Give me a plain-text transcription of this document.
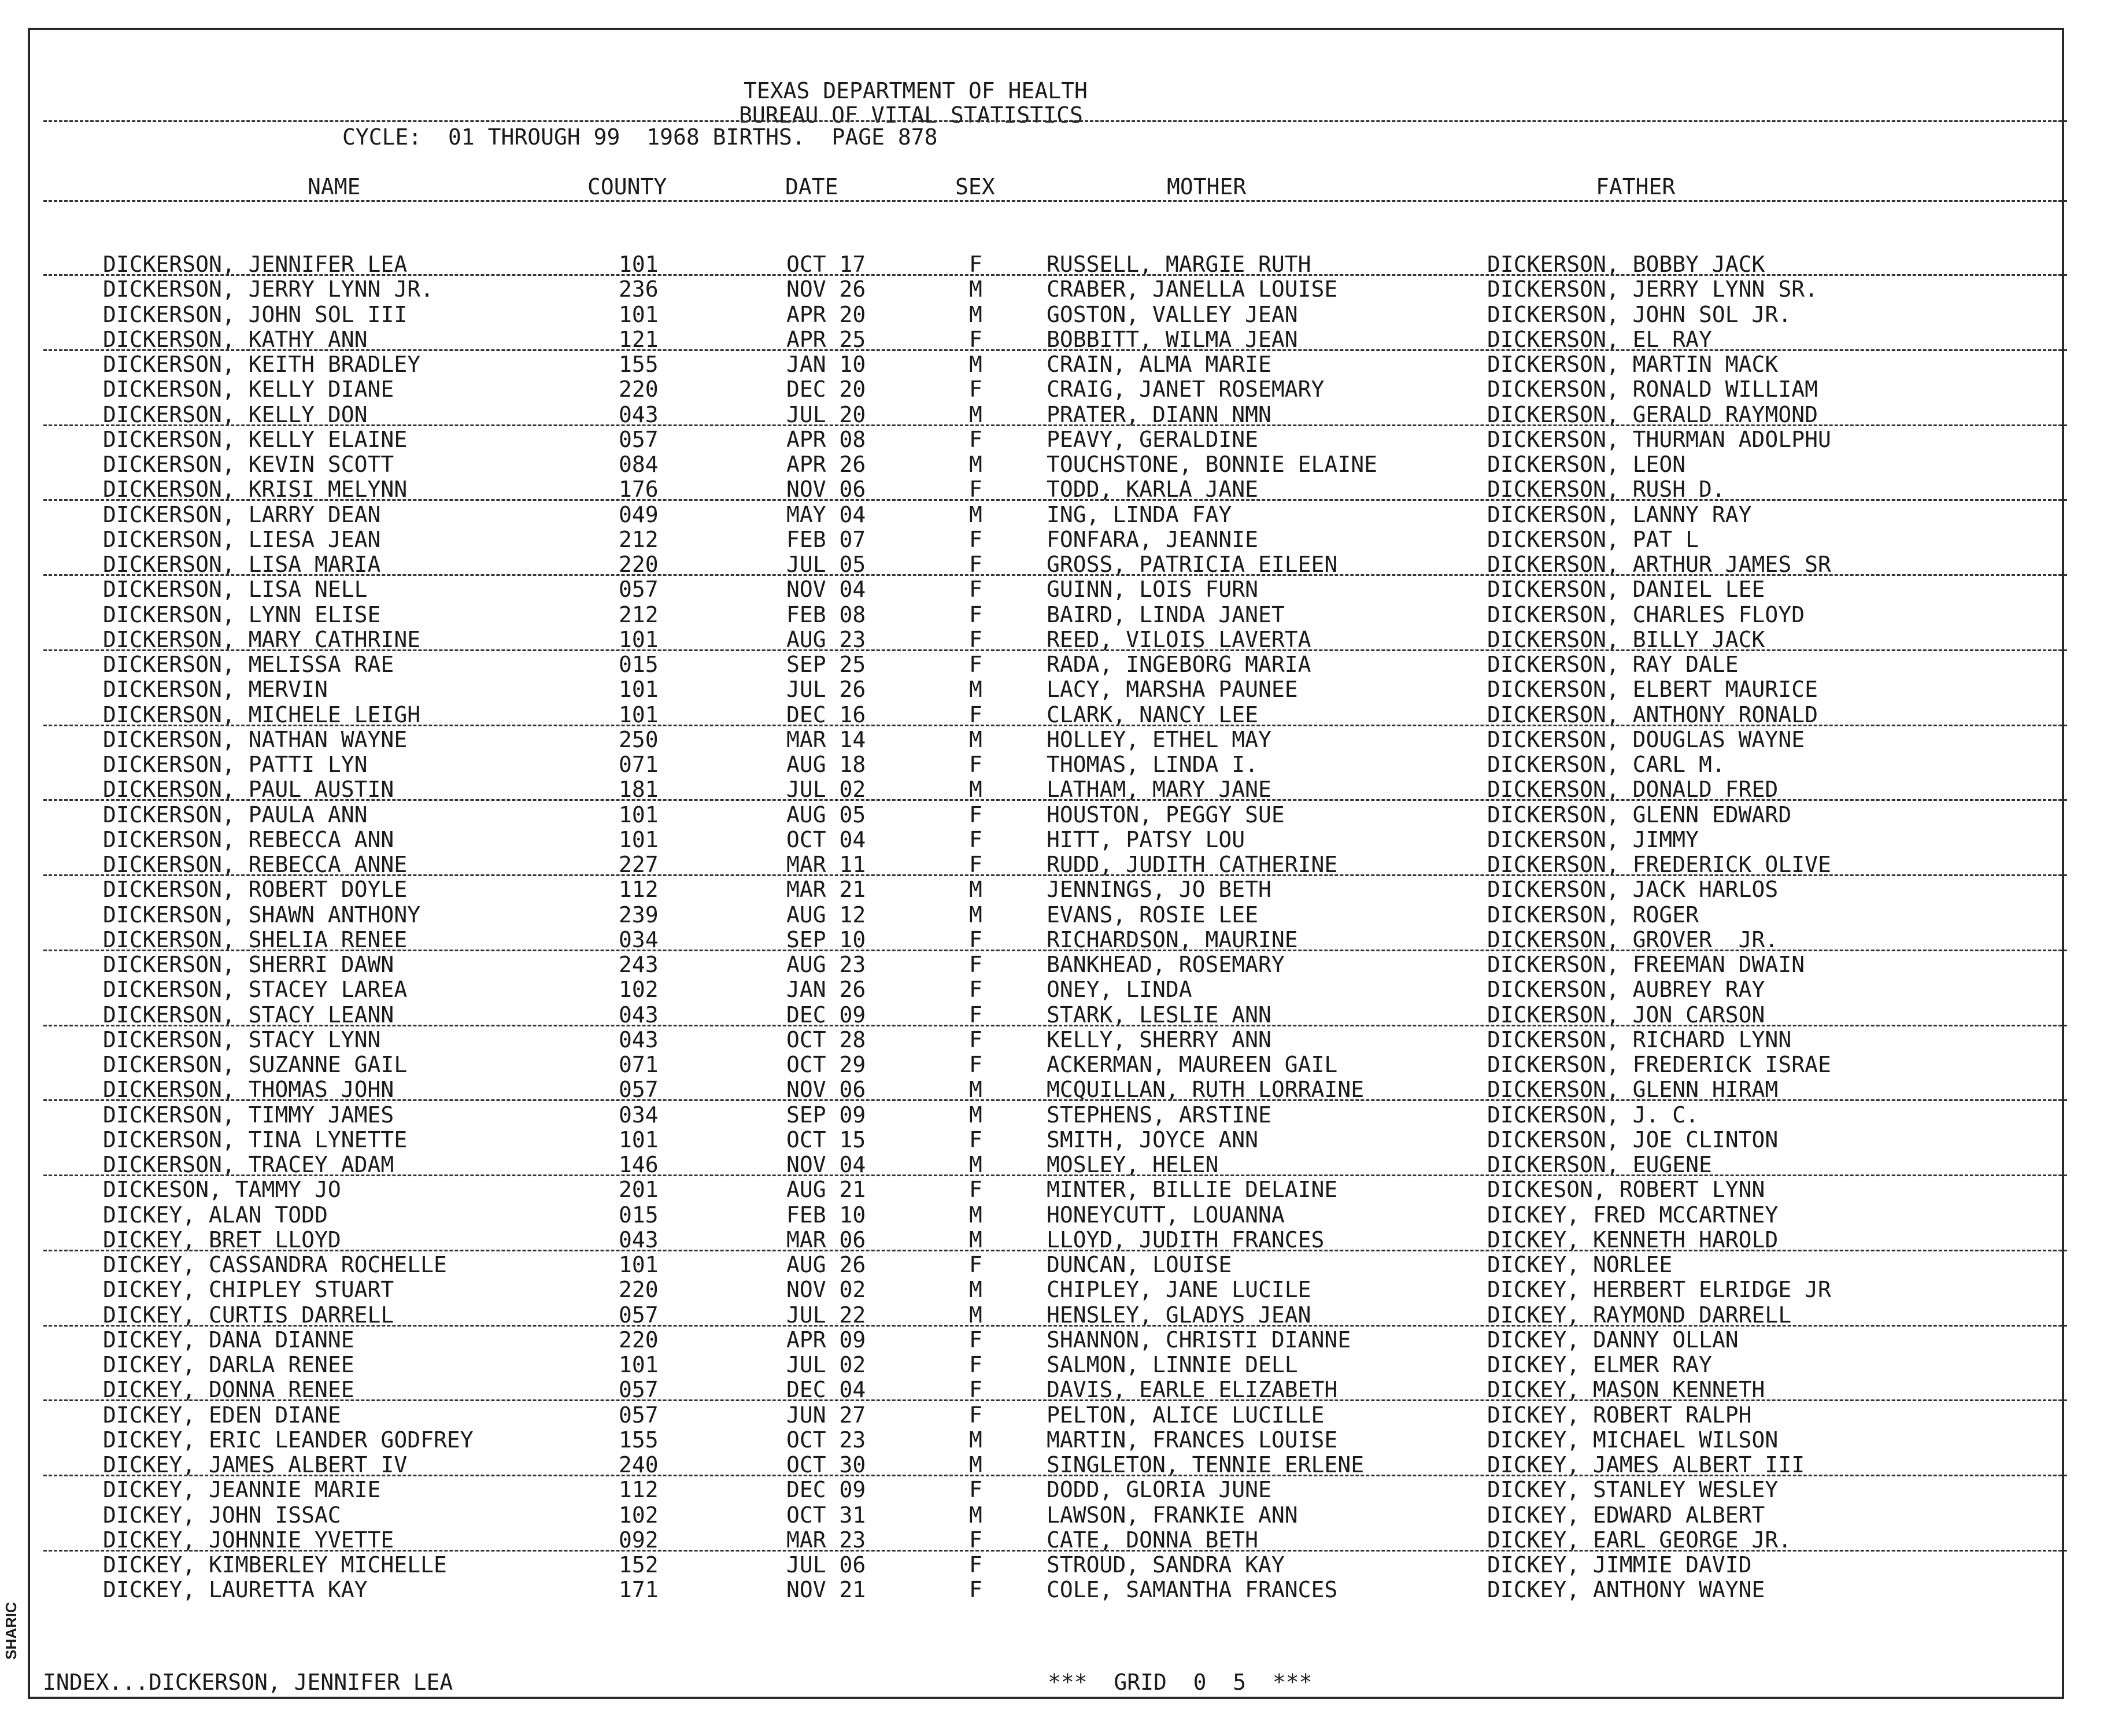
SHARIC
TEXAS DEPARTMENT OF HEALTH
BUREAU OF VITAL STATISTICS
CYCLE:  01 THROUGH 99  1968 BIRTHS.  PAGE 878
NAME	COUNTY	DATE	SEX	MOTHER	FATHER
DICKERSON, JENNIFER LEA	101	OCT 17	F	RUSSELL, MARGIE RUTH	DICKERSON, BOBBY JACK
DICKERSON, JERRY LYNN JR.	236	NOV 26	M	CRABER, JANELLA LOUISE	DICKERSON, JERRY LYNN SR.
DICKERSON, JOHN SOL III	101	APR 20	M	GOSTON, VALLEY JEAN	DICKERSON, JOHN SOL JR.
DICKERSON, KATHY ANN	121	APR 25	F	BOBBITT, WILMA JEAN	DICKERSON, EL RAY
DICKERSON, KEITH BRADLEY	155	JAN 10	M	CRAIN, ALMA MARIE	DICKERSON, MARTIN MACK
DICKERSON, KELLY DIANE	220	DEC 20	F	CRAIG, JANET ROSEMARY	DICKERSON, RONALD WILLIAM
DICKERSON, KELLY DON	043	JUL 20	M	PRATER, DIANN NMN	DICKERSON, GERALD RAYMOND
DICKERSON, KELLY ELAINE	057	APR 08	F	PEAVY, GERALDINE	DICKERSON, THURMAN ADOLPHU
DICKERSON, KEVIN SCOTT	084	APR 26	M	TOUCHSTONE, BONNIE ELAINE	DICKERSON, LEON
DICKERSON, KRISI MELYNN	176	NOV 06	F	TODD, KARLA JANE	DICKERSON, RUSH D.
DICKERSON, LARRY DEAN	049	MAY 04	M	ING, LINDA FAY	DICKERSON, LANNY RAY
DICKERSON, LIESA JEAN	212	FEB 07	F	FONFARA, JEANNIE	DICKERSON, PAT L
DICKERSON, LISA MARIA	220	JUL 05	F	GROSS, PATRICIA EILEEN	DICKERSON, ARTHUR JAMES SR
DICKERSON, LISA NELL	057	NOV 04	F	GUINN, LOIS FURN	DICKERSON, DANIEL LEE
DICKERSON, LYNN ELISE	212	FEB 08	F	BAIRD, LINDA JANET	DICKERSON, CHARLES FLOYD
DICKERSON, MARY CATHRINE	101	AUG 23	F	REED, VILOIS LAVERTA	DICKERSON, BILLY JACK
DICKERSON, MELISSA RAE	015	SEP 25	F	RADA, INGEBORG MARIA	DICKERSON, RAY DALE
DICKERSON, MERVIN	101	JUL 26	M	LACY, MARSHA PAUNEE	DICKERSON, ELBERT MAURICE
DICKERSON, MICHELE LEIGH	101	DEC 16	F	CLARK, NANCY LEE	DICKERSON, ANTHONY RONALD
DICKERSON, NATHAN WAYNE	250	MAR 14	M	HOLLEY, ETHEL MAY	DICKERSON, DOUGLAS WAYNE
DICKERSON, PATTI LYN	071	AUG 18	F	THOMAS, LINDA I.	DICKERSON, CARL M.
DICKERSON, PAUL AUSTIN	181	JUL 02	M	LATHAM, MARY JANE	DICKERSON, DONALD FRED
DICKERSON, PAULA ANN	101	AUG 05	F	HOUSTON, PEGGY SUE	DICKERSON, GLENN EDWARD
DICKERSON, REBECCA ANN	101	OCT 04	F	HITT, PATSY LOU	DICKERSON, JIMMY
DICKERSON, REBECCA ANNE	227	MAR 11	F	RUDD, JUDITH CATHERINE	DICKERSON, FREDERICK OLIVE
DICKERSON, ROBERT DOYLE	112	MAR 21	M	JENNINGS, JO BETH	DICKERSON, JACK HARLOS
DICKERSON, SHAWN ANTHONY	239	AUG 12	M	EVANS, ROSIE LEE	DICKERSON, ROGER
DICKERSON, SHELIA RENEE	034	SEP 10	F	RICHARDSON, MAURINE	DICKERSON, GROVER  JR.
DICKERSON, SHERRI DAWN	243	AUG 23	F	BANKHEAD, ROSEMARY	DICKERSON, FREEMAN DWAIN
DICKERSON, STACEY LAREA	102	JAN 26	F	ONEY, LINDA	DICKERSON, AUBREY RAY
DICKERSON, STACY LEANN	043	DEC 09	F	STARK, LESLIE ANN	DICKERSON, JON CARSON
DICKERSON, STACY LYNN	043	OCT 28	F	KELLY, SHERRY ANN	DICKERSON, RICHARD LYNN
DICKERSON, SUZANNE GAIL	071	OCT 29	F	ACKERMAN, MAUREEN GAIL	DICKERSON, FREDERICK ISRAE
DICKERSON, THOMAS JOHN	057	NOV 06	M	MCQUILLAN, RUTH LORRAINE	DICKERSON, GLENN HIRAM
DICKERSON, TIMMY JAMES	034	SEP 09	M	STEPHENS, ARSTINE	DICKERSON, J. C.
DICKERSON, TINA LYNETTE	101	OCT 15	F	SMITH, JOYCE ANN	DICKERSON, JOE CLINTON
DICKERSON, TRACEY ADAM	146	NOV 04	M	MOSLEY, HELEN	DICKERSON, EUGENE
DICKESON, TAMMY JO	201	AUG 21	F	MINTER, BILLIE DELAINE	DICKESON, ROBERT LYNN
DICKEY, ALAN TODD	015	FEB 10	M	HONEYCUTT, LOUANNA	DICKEY, FRED MCCARTNEY
DICKEY, BRET LLOYD	043	MAR 06	M	LLOYD, JUDITH FRANCES	DICKEY, KENNETH HAROLD
DICKEY, CASSANDRA ROCHELLE	101	AUG 26	F	DUNCAN, LOUISE	DICKEY, NORLEE
DICKEY, CHIPLEY STUART	220	NOV 02	M	CHIPLEY, JANE LUCILE	DICKEY, HERBERT ELRIDGE JR
DICKEY, CURTIS DARRELL	057	JUL 22	M	HENSLEY, GLADYS JEAN	DICKEY, RAYMOND DARRELL
DICKEY, DANA DIANNE	220	APR 09	F	SHANNON, CHRISTI DIANNE	DICKEY, DANNY OLLAN
DICKEY, DARLA RENEE	101	JUL 02	F	SALMON, LINNIE DELL	DICKEY, ELMER RAY
DICKEY, DONNA RENEE	057	DEC 04	F	DAVIS, EARLE ELIZABETH	DICKEY, MASON KENNETH
DICKEY, EDEN DIANE	057	JUN 27	F	PELTON, ALICE LUCILLE	DICKEY, ROBERT RALPH
DICKEY, ERIC LEANDER GODFREY	155	OCT 23	M	MARTIN, FRANCES LOUISE	DICKEY, MICHAEL WILSON
DICKEY, JAMES ALBERT IV	240	OCT 30	M	SINGLETON, TENNIE ERLENE	DICKEY, JAMES ALBERT III
DICKEY, JEANNIE MARIE	112	DEC 09	F	DODD, GLORIA JUNE	DICKEY, STANLEY WESLEY
DICKEY, JOHN ISSAC	102	OCT 31	M	LAWSON, FRANKIE ANN	DICKEY, EDWARD ALBERT
DICKEY, JOHNNIE YVETTE	092	MAR 23	F	CATE, DONNA BETH	DICKEY, EARL GEORGE JR.
DICKEY, KIMBERLEY MICHELLE	152	JUL 06	F	STROUD, SANDRA KAY	DICKEY, JIMMIE DAVID
DICKEY, LAURETTA KAY	171	NOV 21	F	COLE, SAMANTHA FRANCES	DICKEY, ANTHONY WAYNE
INDEX...DICKERSON, JENNIFER LEA	***  GRID  0  5  ***
